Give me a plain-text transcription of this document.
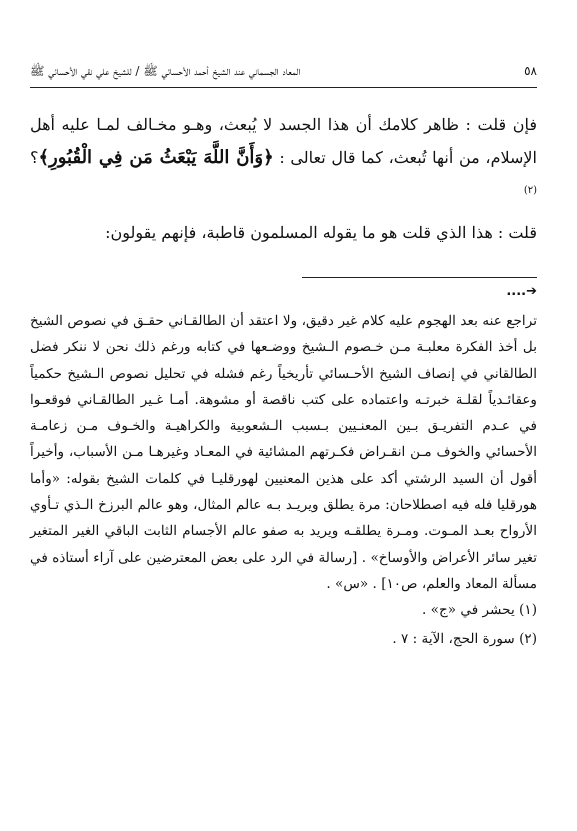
٥٨
المعاد الجسماني عند الشيخ أحمد الأحسائي ﷺ / للشيخ علي نقي الأحسائي ﷺ

فإن قلت : ظاهر كلامك أن هذا الجسد لا يُبعث، وهـو مخـالف لمـا عليه أهل الإسلام، من أنها تُبعث، كما قال تعالى : ﴿وَأَنَّ اللَّهَ يَبْعَثُ مَن فِي الْقُبُورِ﴾؟$^{(٢)}$

قلت : هذا الذي قلت هو ما يقوله المسلمون قاطبة، فإنهم يقولون:

....➔

تراجع عنه بعد الهجوم عليه كلام غير دقيق، ولا اعتقد أن الطالقـاني حقـق في نصوص الشيخ بل أخذ الفكرة معلبـة مـن خـصوم الـشيخ ووضـعها في كتابه ورغم ذلك نحن لا ننكر فضل الطالقاني في إنصاف الشيخ الأحـسائي تأريخياً رغم فشله في تحليل نصوص الـشيخ حكمياً وعقائـدياً لقلـة خبرتـه واعتماده على كتب ناقصة أو مشوهة. أمـا غـير الطالقـاني فوقعـوا في عـدم التفريـق بـين المعنـيين بـسبب الـشعوبية والكراهيـة والخـوف مـن زعامـة الأحسائي والخوف مـن انقـراض فكـرتهم المشائية في المعـاد وغيرهـا مـن الأسباب، وأخيراً أقول أن السيد الرشتي أكد على هذين المعنيين لهورقليـا في كلمات الشيخ بقوله: «وأما هورقليا فله فيه اصطلاحان: مرة يطلق ويريـد بـه عالم المثال، وهو عالم البرزخ الـذي تـأوي الأرواح بعـد المـوت. ومـرة يطلقـه ويريد به صفو عالم الأجسام الثابت الباقي الغير المتغير تغير سائر الأعراض والأوساخ» . [رسالة في الرد على بعض المعترضين على آراء أستاذه في مسألة المعاد والعلم، ص١٠] . «س» .

(١) يحشر في «ج» .

(٢) سورة الحج، الآية : ٧ .
